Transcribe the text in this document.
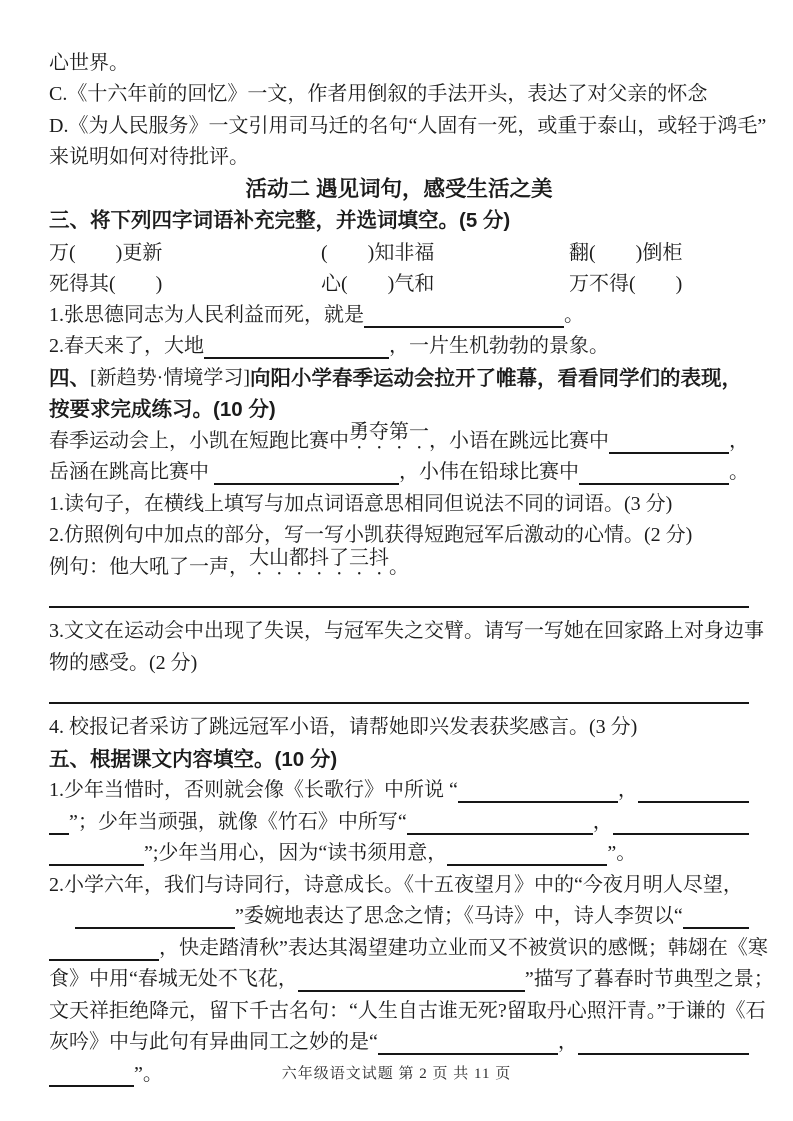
心世界。
C.《十六年前的回忆》一文，作者用倒叙的手法开头，表达了对父亲的怀念
D.《为人民服务》一文引用司马迁的名句“人固有一死，或重于泰山，或轻于鸿毛”
来说明如何对待批评。
活动二 遇见词句，感受生活之美
三、将下列四字词语补充完整，并选词填空。(5 分)
万(　　)更新	(　　)知非福	翻(　　)倒柜
死得其(　　)	心(　　)气和	万不得(　　)
1.张思德同志为人民利益而死，就是	。
2.春天来了，大地	，一片生机勃勃的景象。
四、 [新趋势·情境学习] 向阳小学春季运动会拉开了帷幕，看看同学们的表现，
按要求完成练习。(10 分)
春季运动会上，小凯在短跑比赛中 勇夺第一 ，小语在跳远比赛中	，
岳涵在跳高比赛中	，小伟在铅球比赛中	。
1.读句子，在横线上填写与加点词语意思相同但说法不同的词语。(3 分)
2.仿照例句中加点的部分，写一写小凯获得短跑冠军后激动的心情。(2 分)
例句：他大吼了一声， 大山都抖了三抖 。
3.文文在运动会中出现了失误，与冠军失之交臂。请写一写她在回家路上对身边事
物的感受。(2 分)
4. 校报记者采访了跳远冠军小语，请帮她即兴发表获奖感言。(3 分)
五、根据课文内容填空。(10 分)
1.少年当惜时，否则就会像《长歌行》中所说 “	，
”；少年当顽强，就像《竹石》中所写“	，
”;少年当用心，因为“读书须用意，	”。
2.小学六年，我们与诗同行，诗意成长。《十五夜望月》中的“今夜月明人尽望，
”委婉地表达了思念之情；《马诗》中，诗人李贺以“
，快走踏清秋”表达其渴望建功立业而又不被赏识的感慨；韩翃在《寒
食》中用“春城无处不飞花，	”描写了暮春时节典型之景；
文天祥拒绝降元，留下千古名句：“人生自古谁无死?留取丹心照汗青。”于谦的《石
灰吟》中与此句有异曲同工之妙的是“	，
”。	六年级语文试题 第 2 页 共 11 页
